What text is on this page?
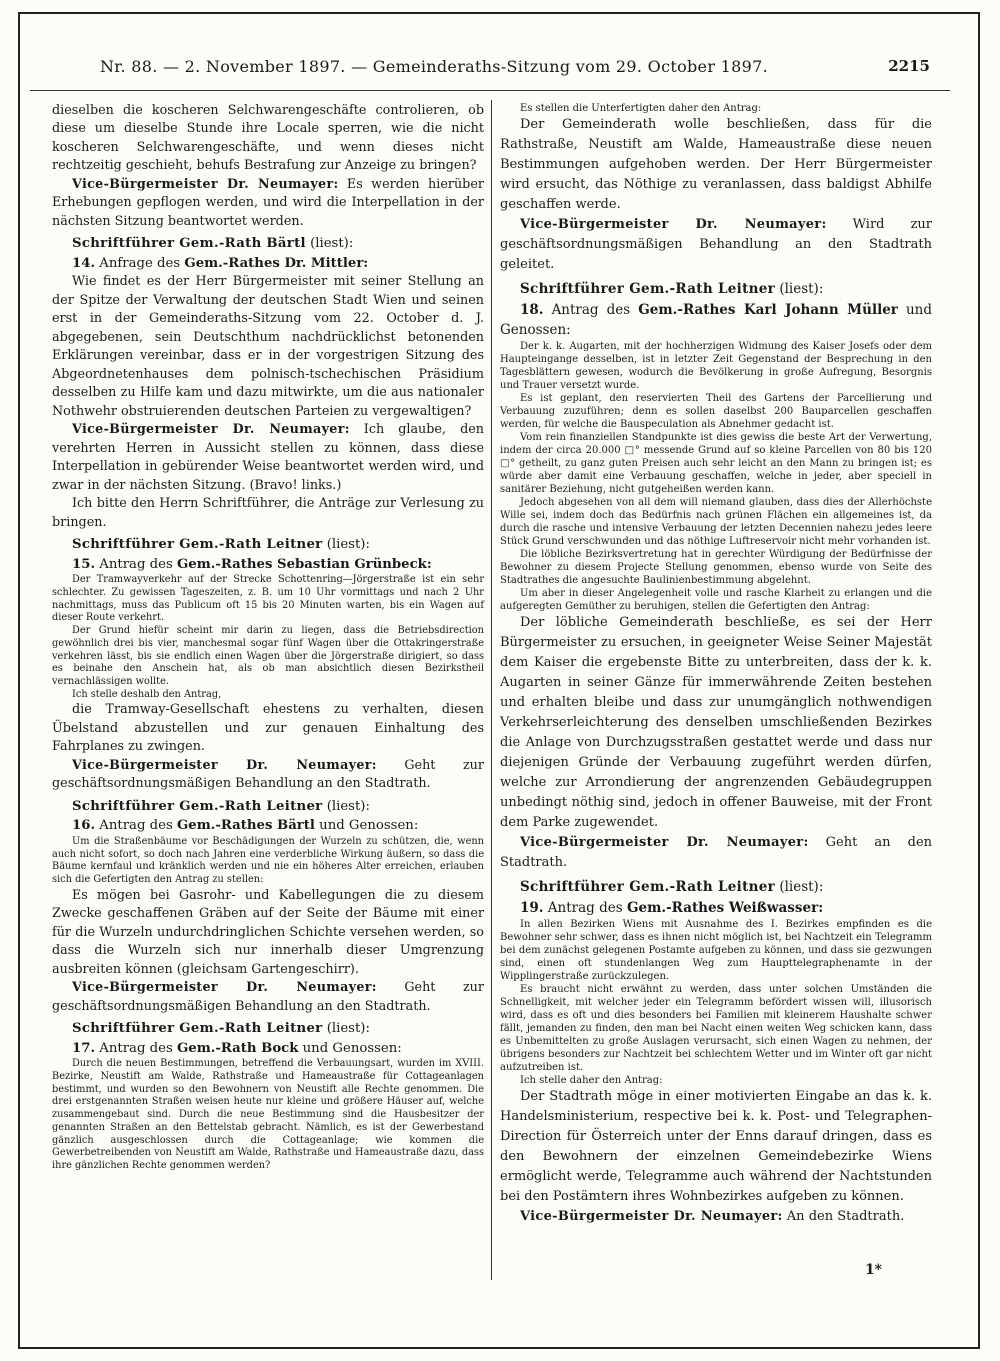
Nr. 88. — 2. November 1897. — Gemeinderaths-Sitzung vom 29. October 1897.	2215

dieselben die koscheren Selchwarengeschäfte controlieren, ob diese um dieselbe Stunde ihre Locale sperren, wie die nicht koscheren Selchwarengeschäfte, und wenn dieses nicht rechtzeitig geschieht, behufs Bestrafung zur Anzeige zu bringen?

Vice-Bürgermeister Dr. Neumayer: Es werden hierüber Erhebungen gepflogen werden, und wird die Interpellation in der nächsten Sitzung beantwortet werden.

Schriftführer Gem.-Rath Bärtl (liest):

14. Anfrage des Gem.-Rathes Dr. Mittler:

Wie findet es der Herr Bürgermeister mit seiner Stellung an der Spitze der Verwaltung der deutschen Stadt Wien und seinen erst in der Gemeinderaths-Sitzung vom 22. October d. J. abgegebenen, sein Deutschthum nachdrücklichst betonenden Erklärungen vereinbar, dass er in der vorgestrigen Sitzung des Abgeordnetenhauses dem polnisch-tschechischen Präsidium desselben zu Hilfe kam und dazu mitwirkte, um die aus nationaler Nothwehr obstruierenden deutschen Parteien zu vergewaltigen?

Vice-Bürgermeister Dr. Neumayer: Ich glaube, den verehrten Herren in Aussicht stellen zu können, dass diese Interpellation in gebürender Weise beantwortet werden wird, und zwar in der nächsten Sitzung. (Bravo! links.)

Ich bitte den Herrn Schriftführer, die Anträge zur Verlesung zu bringen.

Schriftführer Gem.-Rath Leitner (liest):

15. Antrag des Gem.-Rathes Sebastian Grünbeck:

Der Tramwayverkehr auf der Strecke Schottenring—Jörgerstraße ist ein sehr schlechter. Zu gewissen Tageszeiten, z. B. um 10 Uhr vormittags und nach 2 Uhr nachmittags, muss das Publicum oft 15 bis 20 Minuten warten, bis ein Wagen auf dieser Route verkehrt.

Der Grund hiefür scheint mir darin zu liegen, dass die Betriebsdirection gewöhnlich drei bis vier, manchesmal sogar fünf Wagen über die Ottakringerstraße verkehren lässt, bis sie endlich einen Wagen über die Jörgerstraße dirigiert, so dass es beinahe den Anschein hat, als ob man absichtlich diesen Bezirkstheil vernachlässigen wollte.

Ich stelle deshalb den Antrag,

die Tramway-Gesellschaft ehestens zu verhalten, diesen Übelstand abzustellen und zur genauen Einhaltung des Fahrplanes zu zwingen.

Vice-Bürgermeister Dr. Neumayer: Geht zur geschäftsordnungsmäßigen Behandlung an den Stadtrath.

Schriftführer Gem.-Rath Leitner (liest):

16. Antrag des Gem.-Rathes Bärtl und Genossen:

Um die Straßenbäume vor Beschädigungen der Wurzeln zu schützen, die, wenn auch nicht sofort, so doch nach Jahren eine verderbliche Wirkung äußern, so dass die Bäume kernfaul und kränklich werden und nie ein höheres Alter erreichen, erlauben sich die Gefertigten den Antrag zu stellen:

Es mögen bei Gasrohr- und Kabellegungen die zu diesem Zwecke geschaffenen Gräben auf der Seite der Bäume mit einer für die Wurzeln undurchdringlichen Schichte versehen werden, so dass die Wurzeln sich nur innerhalb dieser Umgrenzung ausbreiten können (gleichsam Gartengeschirr).

Vice-Bürgermeister Dr. Neumayer: Geht zur geschäftsordnungsmäßigen Behandlung an den Stadtrath.

Schriftführer Gem.-Rath Leitner (liest):

17. Antrag des Gem.-Rath Bock und Genossen:

Durch die neuen Bestimmungen, betreffend die Verbauungsart, wurden im XVIII. Bezirke, Neustift am Walde, Rathstraße und Hameaustraße für Cottageanlagen bestimmt, und wurden so den Bewohnern von Neustift alle Rechte genommen. Die drei erstgenannten Straßen weisen heute nur kleine und größere Häuser auf, welche zusammengebaut sind. Durch die neue Bestimmung sind die Hausbesitzer der genannten Straßen an den Bettelstab gebracht. Nämlich, es ist der Gewerbestand gänzlich ausgeschlossen durch die Cottageanlage; wie kommen die Gewerbetreibenden von Neustift am Walde, Rathstraße und Hameaustraße dazu, dass ihre gänzlichen Rechte genommen werden?

Es stellen die Unterfertigten daher den Antrag:

Der Gemeinderath wolle beschließen, dass für die Rathstraße, Neustift am Walde, Hameaustraße diese neuen Bestimmungen aufgehoben werden. Der Herr Bürgermeister wird ersucht, das Nöthige zu veranlassen, dass baldigst Abhilfe geschaffen werde.

Vice-Bürgermeister Dr. Neumayer: Wird zur geschäftsordnungsmäßigen Behandlung an den Stadtrath geleitet.

Schriftführer Gem.-Rath Leitner (liest):

18. Antrag des Gem.-Rathes Karl Johann Müller und Genossen:

Der k. k. Augarten, mit der hochherzigen Widmung des Kaiser Josefs oder dem Haupteingange desselben, ist in letzter Zeit Gegenstand der Besprechung in den Tagesblättern gewesen, wodurch die Bevölkerung in große Aufregung, Besorgnis und Trauer versetzt wurde.

Es ist geplant, den reservierten Theil des Gartens der Parcellierung und Verbauung zuzuführen; denn es sollen daselbst 200 Bauparcellen geschaffen werden, für welche die Bauspeculation als Abnehmer gedacht ist.

Vom rein finanziellen Standpunkte ist dies gewiss die beste Art der Verwertung, indem der circa 20.000 □° messende Grund auf so kleine Parcellen von 80 bis 120 □° getheilt, zu ganz guten Preisen auch sehr leicht an den Mann zu bringen ist; es würde aber damit eine Verbauung geschaffen, welche in jeder, aber speciell in sanitärer Beziehung, nicht gutgeheißen werden kann.

Jedoch abgesehen von all dem will niemand glauben, dass dies der Allerhöchste Wille sei, indem doch das Bedürfnis nach grünen Flächen ein allgemeines ist, da durch die rasche und intensive Verbauung der letzten Decennien nahezu jedes leere Stück Grund verschwunden und das nöthige Luftreservoir nicht mehr vorhanden ist.

Die löbliche Bezirksvertretung hat in gerechter Würdigung der Bedürfnisse der Bewohner zu diesem Projecte Stellung genommen, ebenso wurde von Seite des Stadtrathes die angesuchte Baulinienbestimmung abgelehnt.

Um aber in dieser Angelegenheit volle und rasche Klarheit zu erlangen und die aufgeregten Gemüther zu beruhigen, stellen die Gefertigten den Antrag:

Der löbliche Gemeinderath beschließe, es sei der Herr Bürgermeister zu ersuchen, in geeigneter Weise Seiner Majestät dem Kaiser die ergebenste Bitte zu unterbreiten, dass der k. k. Augarten in seiner Gänze für immerwährende Zeiten bestehen und erhalten bleibe und dass zur unumgänglich nothwendigen Verkehrserleichterung des denselben umschließenden Bezirkes die Anlage von Durchzugsstraßen gestattet werde und dass nur diejenigen Gründe der Verbauung zugeführt werden dürfen, welche zur Arrondierung der angrenzenden Gebäudegruppen unbedingt nöthig sind, jedoch in offener Bauweise, mit der Front dem Parke zugewendet.

Vice-Bürgermeister Dr. Neumayer: Geht an den Stadtrath.

Schriftführer Gem.-Rath Leitner (liest):

19. Antrag des Gem.-Rathes Weißwasser:

In allen Bezirken Wiens mit Ausnahme des I. Bezirkes empfinden es die Bewohner sehr schwer, dass es ihnen nicht möglich ist, bei Nachtzeit ein Telegramm bei dem zunächst gelegenen Postamte aufgeben zu können, und dass sie gezwungen sind, einen oft stundenlangen Weg zum Haupttelegraphenamte in der Wipplingerstraße zurückzulegen.

Es braucht nicht erwähnt zu werden, dass unter solchen Umständen die Schnelligkeit, mit welcher jeder ein Telegramm befördert wissen will, illusorisch wird, dass es oft und dies besonders bei Familien mit kleinerem Haushalte schwer fällt, jemanden zu finden, den man bei Nacht einen weiten Weg schicken kann, dass es Unbemittelten zu große Auslagen verursacht, sich einen Wagen zu nehmen, der übrigens besonders zur Nachtzeit bei schlechtem Wetter und im Winter oft gar nicht aufzutreiben ist.

Ich stelle daher den Antrag:

Der Stadtrath möge in einer motivierten Eingabe an das k. k. Handelsministerium, respective bei k. k. Post- und Telegraphen-Direction für Österreich unter der Enns darauf dringen, dass es den Bewohnern der einzelnen Gemeindebezirke Wiens ermöglicht werde, Telegramme auch während der Nachtstunden bei den Postämtern ihres Wohnbezirkes aufgeben zu können.

Vice-Bürgermeister Dr. Neumayer: An den Stadtrath.

1*
